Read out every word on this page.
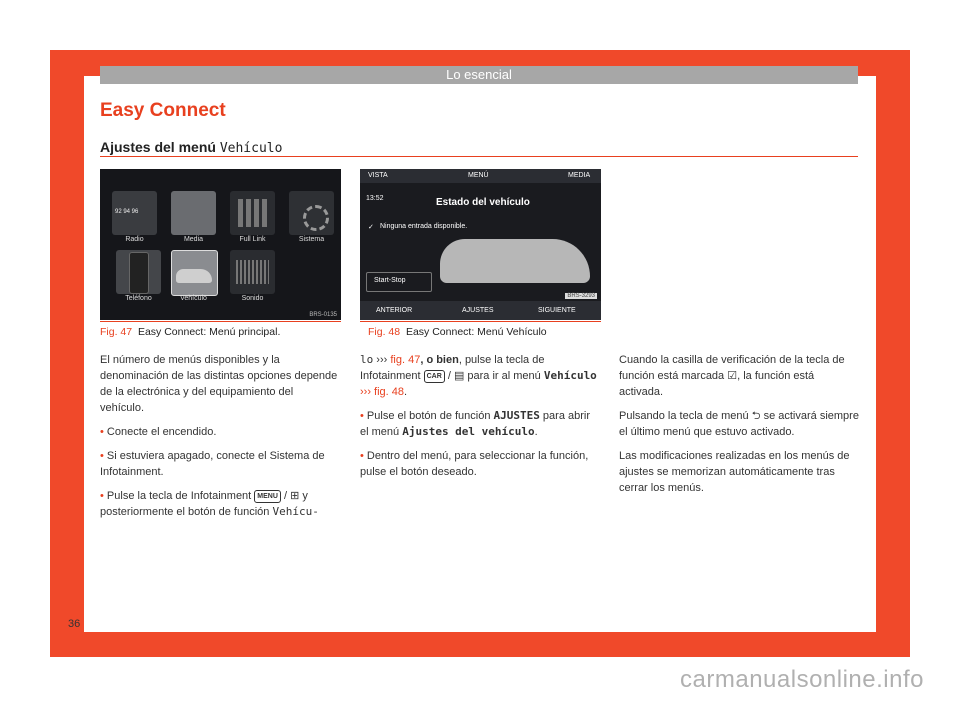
Lo esencial
Easy Connect
Ajustes del menú Vehículo
92 94 96
Radio	Media	Full Link	Sistema
Teléfono	Vehículo	Sonido
BRS-0135
Fig. 47 Easy Connect: Menú principal.
VISTA	MENÚ	MEDIA
13:52	Estado del vehículo
✓ Ninguna entrada disponible.
Start-Stop
ANTERIOR	AJUSTES	SIGUIENTE
BRS-3293
Fig. 48 Easy Connect: Menú Vehículo

El número de menús disponibles y la denominación de las distintas opciones depende de la electrónica y del equipamiento del vehículo.

• Conecte el encendido.

• Si estuviera apagado, conecte el Sistema de Infotainment.

• Pulse la tecla de Infotainment MENU / ⊞ y posteriormente el botón de función Vehícu-

lo ››› fig. 47, o bien, pulse la tecla de Infotainment CAR / ▤ para ir al menú Vehículo ››› fig. 48.

• Pulse el botón de función AJUSTES para abrir el menú Ajustes del vehículo.

• Dentro del menú, para seleccionar la función, pulse el botón deseado.

Cuando la casilla de verificación de la tecla de función está marcada ☑, la función está activada.

Pulsando la tecla de menú ⮌ se activará siempre el último menú que estuvo activado.

Las modificaciones realizadas en los menús de ajustes se memorizan automáticamente tras cerrar los menús.

36
carmanualsonline.info
